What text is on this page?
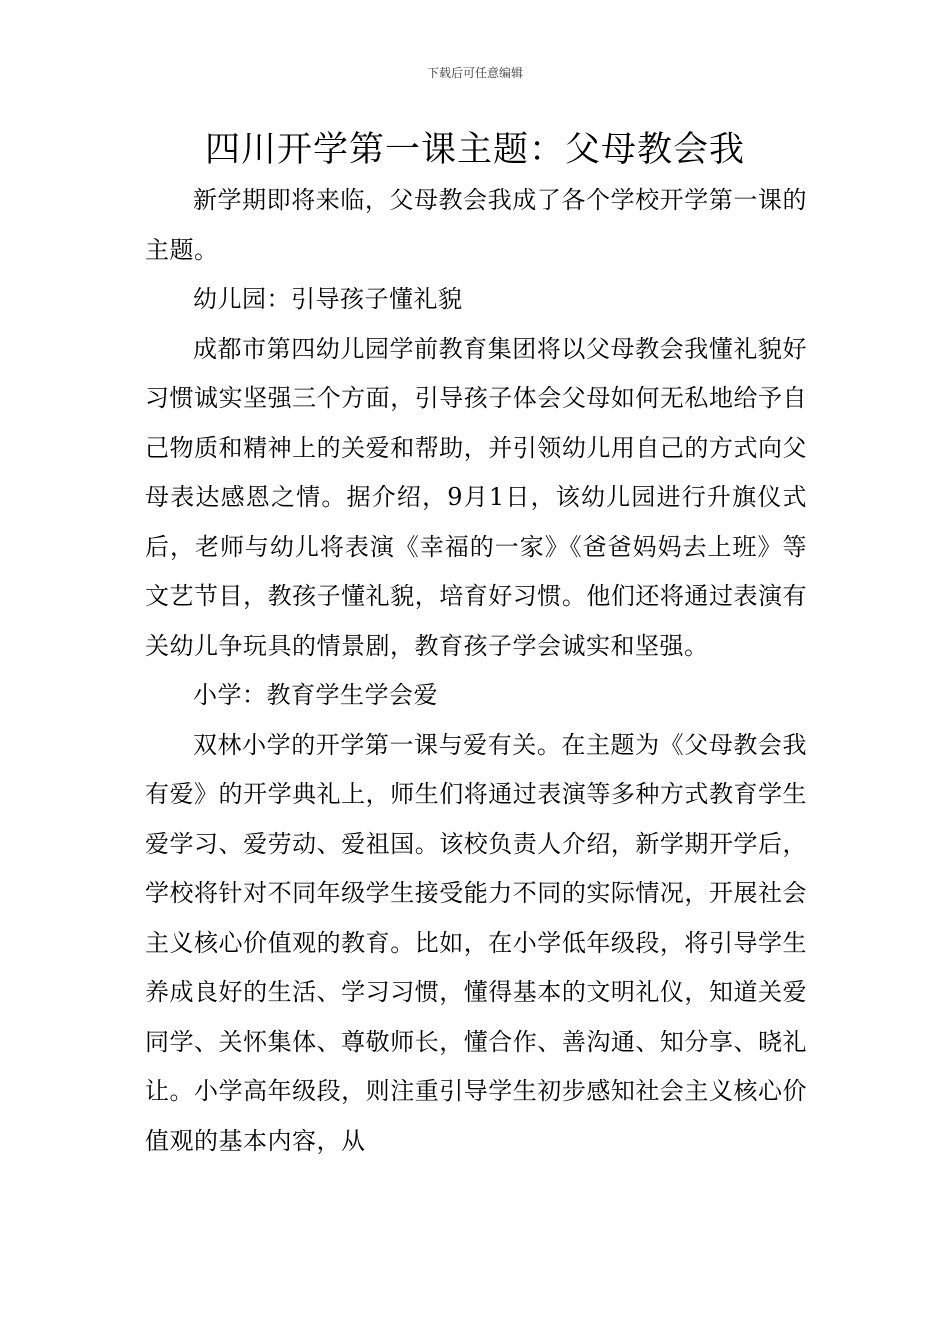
下载后可任意编辑
四川开学第一课主题：父母教会我

新学期即将来临，父母教会我成了各个学校开学第一课的主题。

幼儿园：引导孩子懂礼貌

成都市第四幼儿园学前教育集团将以父母教会我懂礼貌好习惯诚实坚强三个方面，引导孩子体会父母如何无私地给予自己物质和精神上的关爱和帮助，并引领幼儿用自己的方式向父母表达感恩之情。据介绍，9月1日，该幼儿园进行升旗仪式后，老师与幼儿将表演《幸福的一家》《爸爸妈妈去上班》等文艺节目，教孩子懂礼貌，培育好习惯。他们还将通过表演有关幼儿争玩具的情景剧，教育孩子学会诚实和坚强。

小学：教育学生学会爱

双林小学的开学第一课与爱有关。在主题为《父母教会我有爱》的开学典礼上，师生们将通过表演等多种方式教育学生爱学习、爱劳动、爱祖国。该校负责人介绍，新学期开学后，学校将针对不同年级学生接受能力不同的实际情况，开展社会主义核心价值观的教育。比如，在小学低年级段，将引导学生养成良好的生活、学习习惯，懂得基本的文明礼仪，知道关爱同学、关怀集体、尊敬师长，懂合作、善沟通、知分享、晓礼让。小学高年级段，则注重引导学生初步感知社会主义核心价值观的基本内容，从
